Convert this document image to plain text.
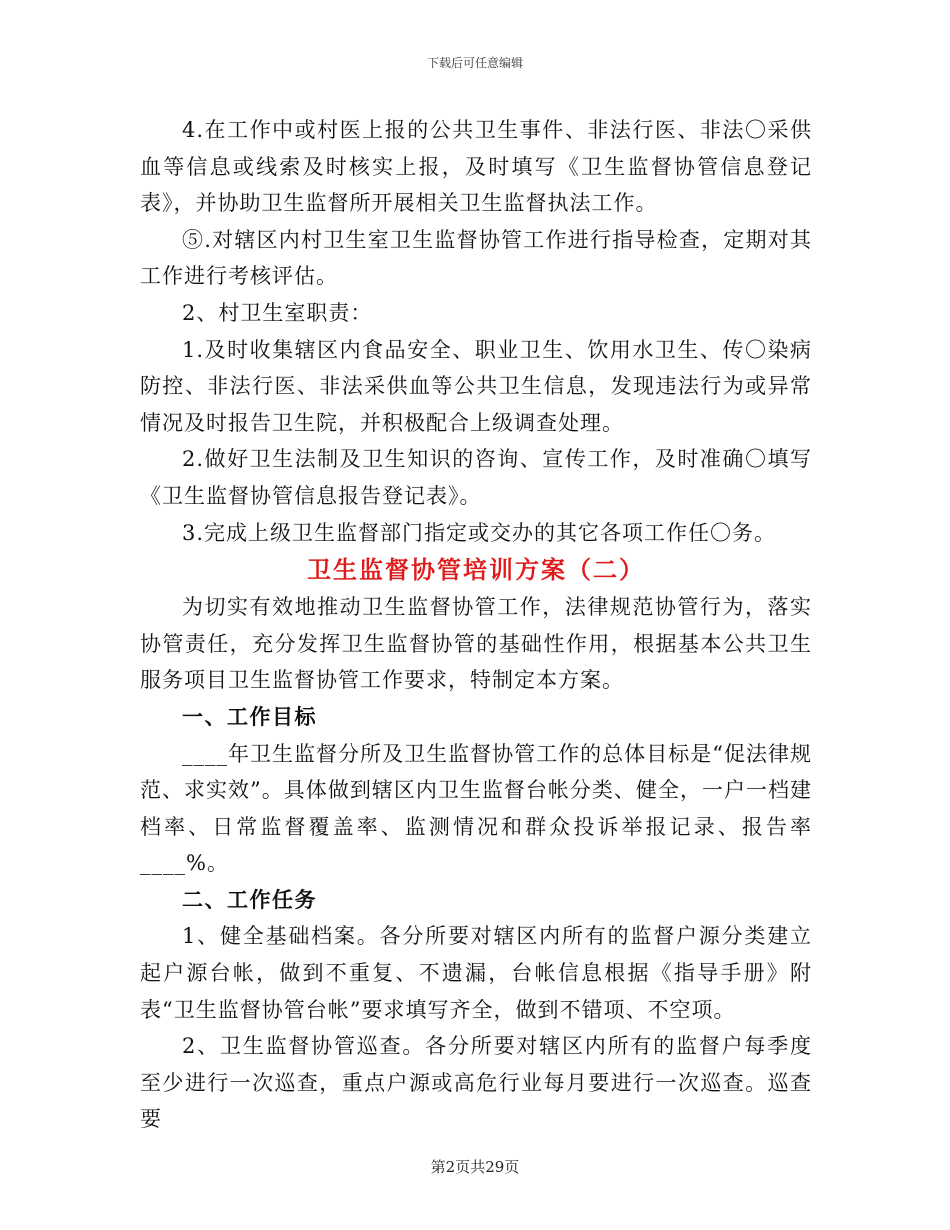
下载后可任意编辑

4.在工作中或村医上报的公共卫生事件、非法行医、非法〇采供血等信息或线索及时核实上报，及时填写《卫生监督协管信息登记表》，并协助卫生监督所开展相关卫生监督执法工作。

⑤.对辖区内村卫生室卫生监督协管工作进行指导检查，定期对其工作进行考核评估。

2、村卫生室职责：

1.及时收集辖区内食品安全、职业卫生、饮用水卫生、传〇染病防控、非法行医、非法采供血等公共卫生信息，发现违法行为或异常情况及时报告卫生院，并积极配合上级调查处理。

2.做好卫生法制及卫生知识的咨询、宣传工作，及时准确〇填写《卫生监督协管信息报告登记表》。

3.完成上级卫生监督部门指定或交办的其它各项工作任〇务。

卫生监督协管培训方案（二）

为切实有效地推动卫生监督协管工作，法律规范协管行为，落实协管责任，充分发挥卫生监督协管的基础性作用，根据基本公共卫生服务项目卫生监督协管工作要求，特制定本方案。

一、工作目标

____年卫生监督分所及卫生监督协管工作的总体目标是“促法律规范、求实效”。具体做到辖区内卫生监督台帐分类、健全，一户一档建档率、日常监督覆盖率、监测情况和群众投诉举报记录、报告率____%。

二、工作任务

1、健全基础档案。各分所要对辖区内所有的监督户源分类建立起户源台帐，做到不重复、不遗漏，台帐信息根据《指导手册》附表“卫生监督协管台帐”要求填写齐全，做到不错项、不空项。

2、卫生监督协管巡查。各分所要对辖区内所有的监督户每季度至少进行一次巡查，重点户源或高危行业每月要进行一次巡查。巡查要

第2页共29页
